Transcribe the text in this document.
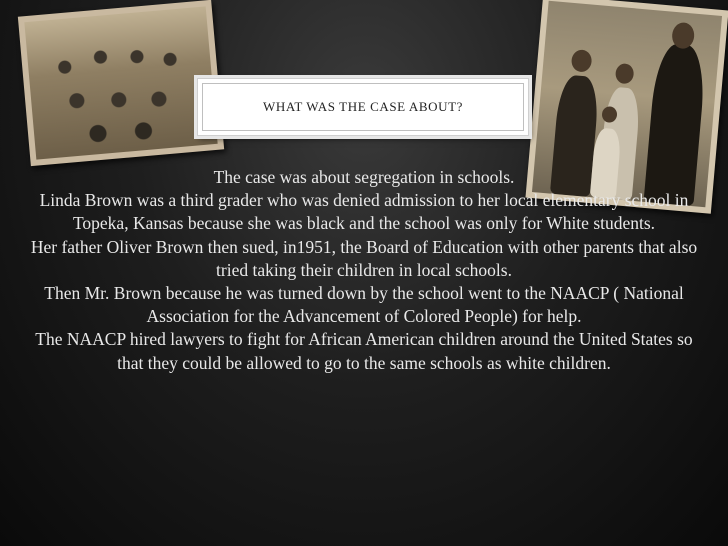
WHAT WAS THE CASE ABOUT?

The case was about segregation in schools.

Linda Brown was a third grader who was denied admission to her local elementary school in Topeka, Kansas because she was black and the school was only for White students.

Her father Oliver Brown then sued, in1951, the Board of Education with other parents that also tried taking their children in local schools.

Then Mr. Brown because he was turned down by the school went to the NAACP ( National Association for the Advancement of Colored People) for help.

The NAACP hired lawyers to fight for African American children around the United States so that they could be allowed to go to the same schools as white children.
